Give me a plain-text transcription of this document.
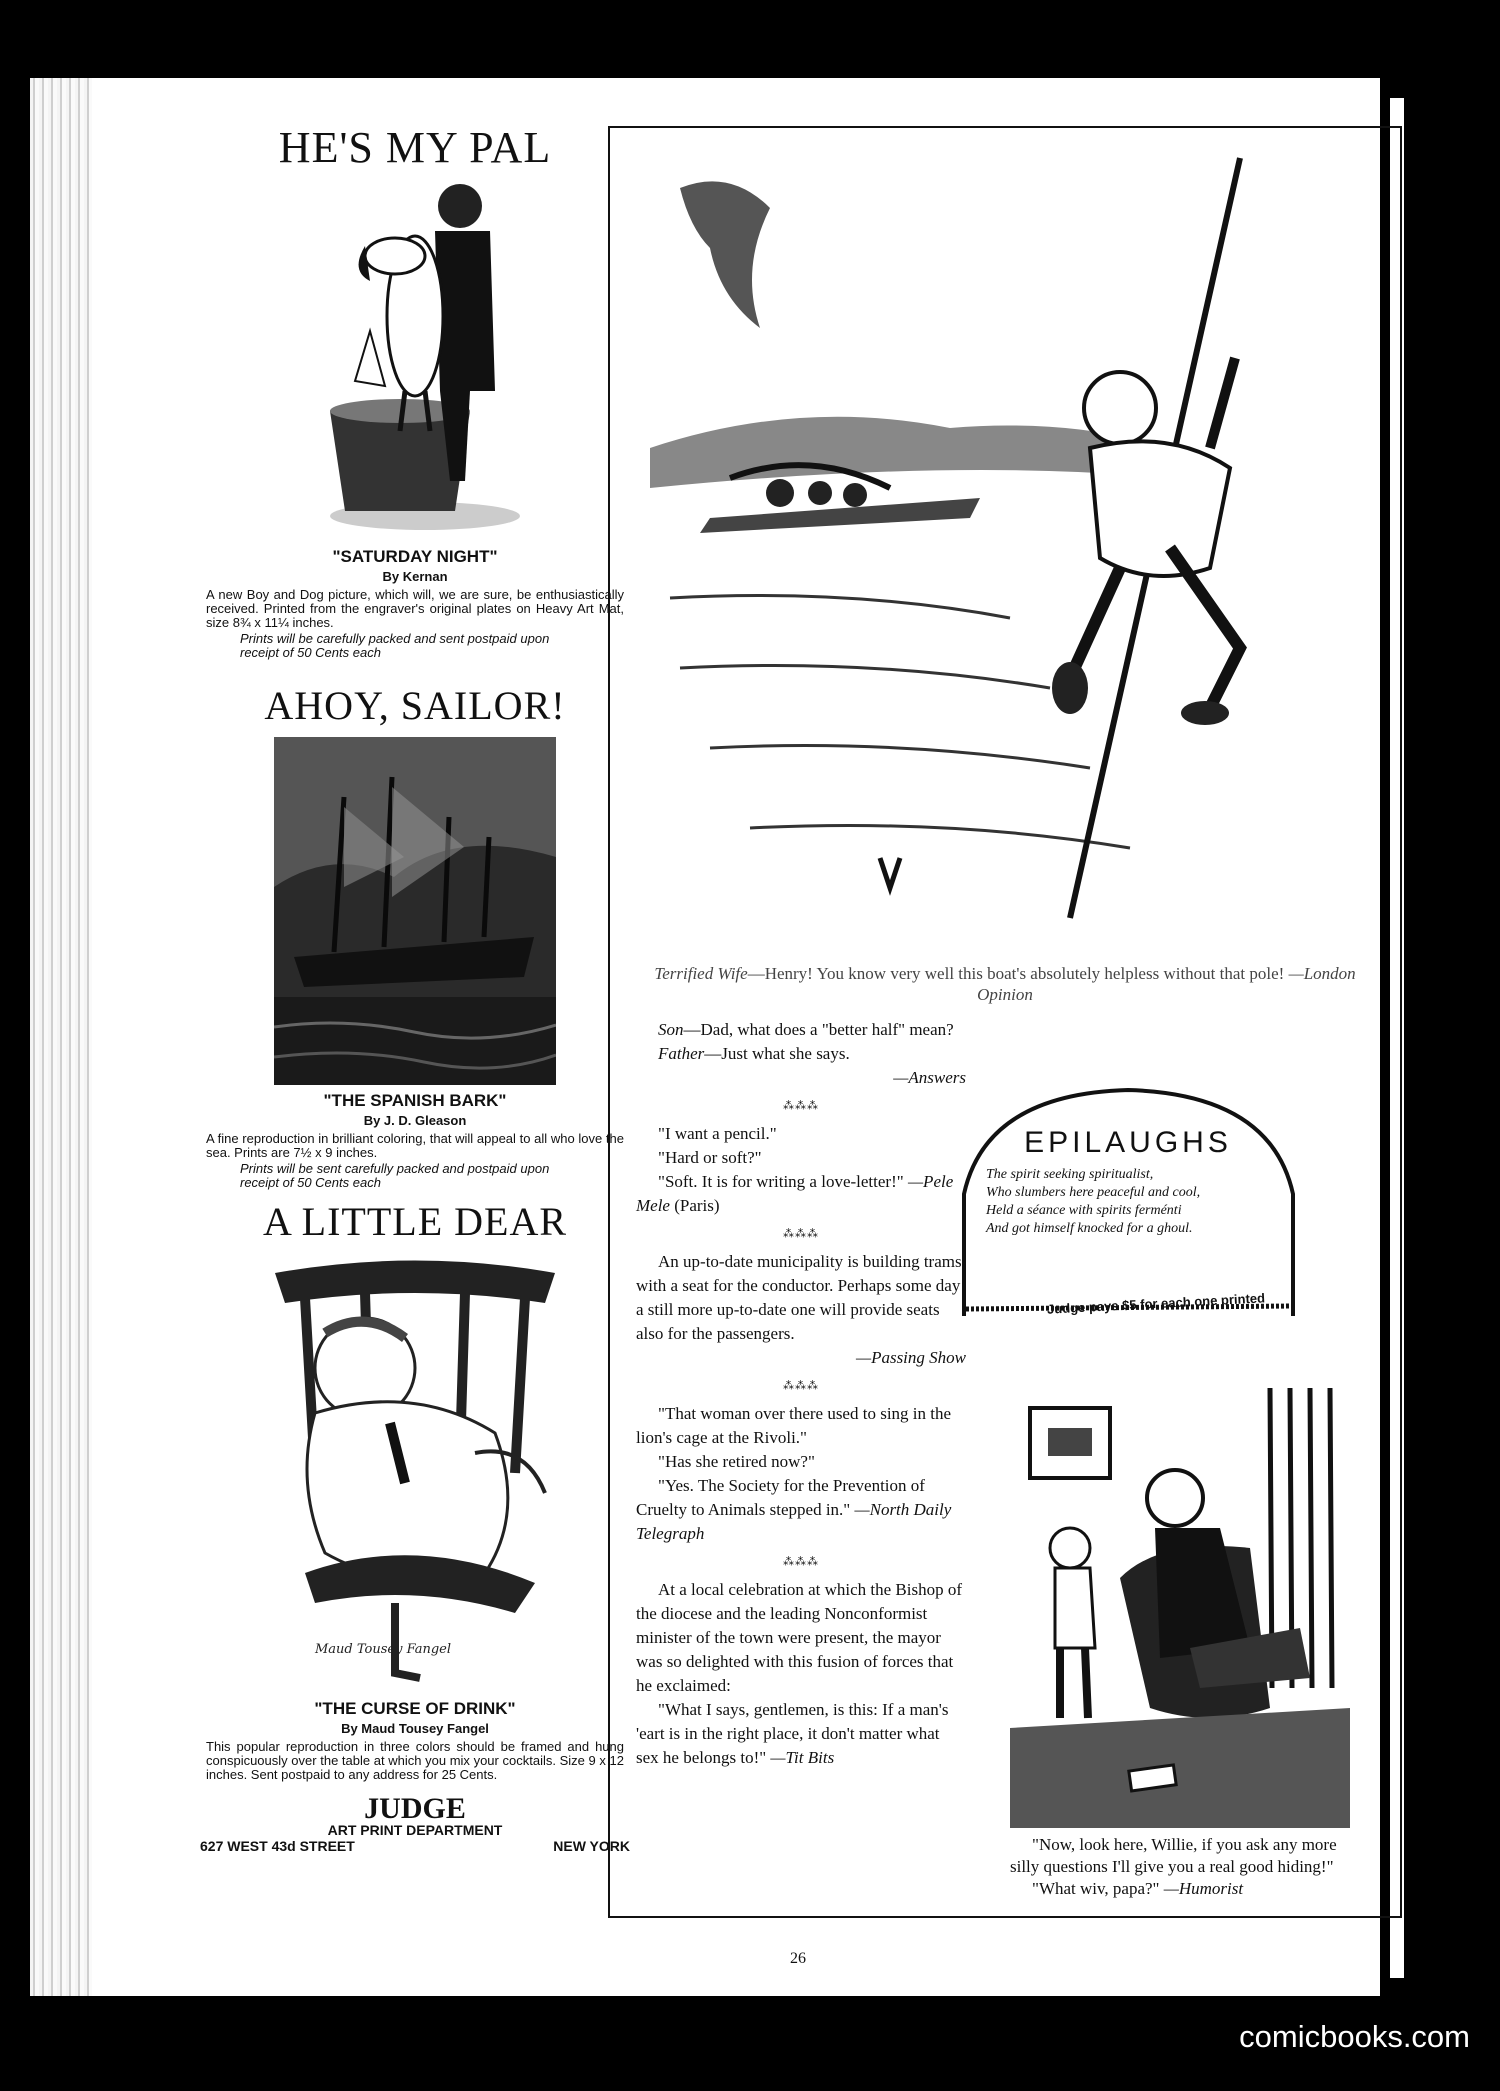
HE'S MY PAL

"SATURDAY NIGHT"

By Kernan

A new Boy and Dog picture, which will, we are sure, be enthusiastically received. Printed from the engraver's original plates on Heavy Art Mat, size 8¾ x 11¼ inches.

Prints will be carefully packed and sent postpaid upon receipt of 50 Cents each

AHOY, SAILOR!

"THE SPANISH BARK"

By J. D. Gleason

A fine reproduction in brilliant coloring, that will appeal to all who love the sea. Prints are 7½ x 9 inches.

Prints will be sent carefully packed and postpaid upon receipt of 50 Cents each

A LITTLE DEAR
Maud Tousey Fangel

"THE CURSE OF DRINK"

By Maud Tousey Fangel

This popular reproduction in three colors should be framed and hung conspicuously over the table at which you mix your cocktails. Size 9 x 12 inches. Sent postpaid to any address for 25 Cents.

JUDGE

ART PRINT DEPARTMENT

627 WEST 43d STREET	NEW YORK

Terrified Wife—Henry! You know very well this boat's absolutely helpless without that pole! —London Opinion

Son—Dad, what does a "better half" mean?

Father—Just what she says.

—Answers

⁂⁂⁂

"I want a pencil."

"Hard or soft?"

"Soft. It is for writing a love-letter!" —Pele Mele (Paris)

⁂⁂⁂

An up-to-date municipality is building trams with a seat for the conductor. Perhaps some day a still more up-to-date one will provide seats also for the passengers.

—Passing Show

⁂⁂⁂

"That woman over there used to sing in the lion's cage at the Rivoli."

"Has she retired now?"

"Yes. The Society for the Prevention of Cruelty to Animals stepped in." —North Daily Telegraph

⁂⁂⁂

At a local celebration at which the Bishop of the diocese and the leading Nonconformist minister of the town were present, the mayor was so delighted with this fusion of forces that he exclaimed:

"What I says, gentlemen, is this: If a man's 'eart is in the right place, it don't matter what sex he belongs to!" —Tit Bits

EPILAUGHS
The spirit seeking spiritualist,
Who slumbers here peaceful and cool,
Held a séance with spirits ferménti
And got himself knocked for a ghoul.
Judge pays $5 for each one printed

"Now, look here, Willie, if you ask any more silly questions I'll give you a real good hiding!"

"What wiv, papa?" —Humorist

26
comicbooks.com
